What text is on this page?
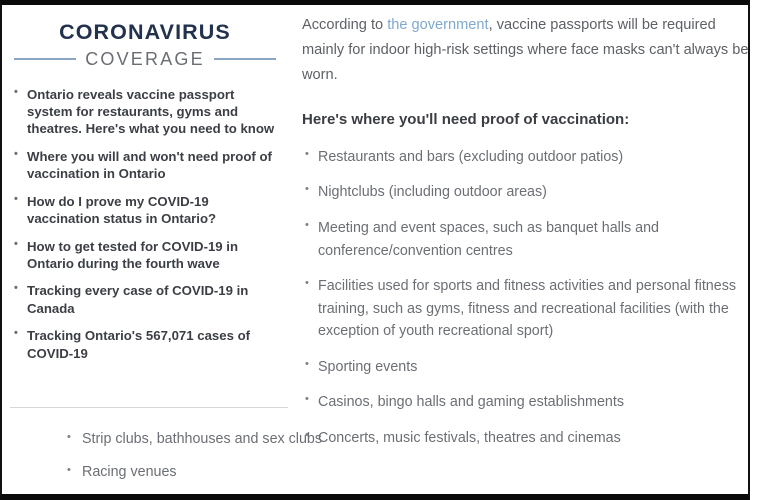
CORONAVIRUS
COVERAGE
• Ontario reveals vaccine passport system for restaurants, gyms and theatres. Here's what you need to know
• Where you will and won't need proof of vaccination in Ontario
• How do I prove my COVID-19 vaccination status in Ontario?
• How to get tested for COVID-19 in Ontario during the fourth wave
• Tracking every case of COVID-19 in Canada
• Tracking Ontario's 567,071 cases of COVID-19

According to the government, vaccine passports will be required mainly for indoor high-risk settings where face masks can't always be worn.

Here's where you'll need proof of vaccination:
• Restaurants and bars (excluding outdoor patios)
• Nightclubs (including outdoor areas)
• Meeting and event spaces, such as banquet halls and conference/convention centres
• Facilities used for sports and fitness activities and personal fitness training, such as gyms, fitness and recreational facilities (with the exception of youth recreational sport)
• Sporting events
• Casinos, bingo halls and gaming establishments
• Concerts, music festivals, theatres and cinemas
• Strip clubs, bathhouses and sex clubs
• Racing venues
